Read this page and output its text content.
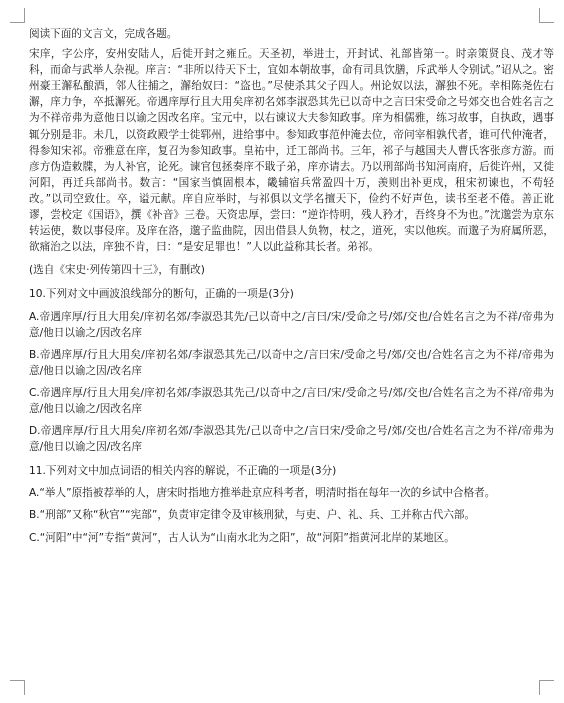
阅读下面的文言文，完成各题。

宋庠，字公序，安州安陆人，后徙开封之雍丘。天圣初，举进士，开封试、礼部皆第一。时亲策贤良、茂才等科，而命与武举人杂视。庠言：“非所以待天下士，宜如本朝故事，命有司具饮膳，斥武举人令别试。”诏从之。密州豪王澥私酿酒，邻人往捕之，澥绐奴曰：“盗也。”尽使杀其父子四人。州论奴以法，澥独不死。幸相陈尧佐右澥，庠力争，卒抵澥死。帝遇庠厚行且大用矣庠初名郊李淑恐其先已以奇中之言曰宋受命之号郊交也合姓名言之为不祥帝弗为意他日以谕之因改名庠。宝元中，以右谏议大夫参知政事。庠为相儒雅，练习故事，自执政，遇事辄分别是非。未几，以资政殿学士徙郓州，进给事中。参知政事范仲淹去位，帝问宰相孰代者，谁可代仲淹者，得参知宋祁。帝雅意在庠，复召为参知政事。皇祐中，迁工部尚书。三年，祁子与越国夫人曹氏客张彦方游。而彦方伪造敕牒，为人补官，论死。谏官包拯奏庠不戢子弟，庠亦请去。乃以刑部尚书知河南府，后徙许州，又徙河阳，再迁兵部尚书。数言：“国家当慎固根本，畿辅宿兵常盈四十万，羡则出补更戍，租宋初谏也，不苟轻改。”以司空致仕。卒，谥元献。庠自应举时，与祁俱以文学名擅天下，俭约不好声色，读书至老不倦。善正讹谬，尝校定《国语》，撰《补音》三卷。天资忠厚，尝曰：“逆诈恃明，残人矜才，吾终身不为也。”沈邈尝为京东转运使，数以事侵庠。及庠在洛，邈子监曲院，因出借县人负物，杖之，道死，实以他疾。而邈子为府属所恶，欲痛治之以法，庠独不肯，曰：“是安足罪也！”人以此益称其长者。弟祁。

(选自《宋史·列传第四十三》，有删改)

10.下列对文中画波浪线部分的断句，正确的一项是(3分)

A.帝遇庠厚/行且大用矣/庠初名郊/李淑恐其先/己以奇中之/言曰/宋/受命之号/郊/交也/合姓名言之为不祥/帝弗为意/他日以谕之/因改名庠

B.帝遇庠厚/行且大用矣/庠初名郊/李淑恐其先己/以奇中之/言曰宋/受命之号/郊/交也/合姓名言之为不祥/帝弗为意/他日以谕之因/改名庠

C.帝遇庠厚/行且大用矣/庠初名郊/李淑恐其先己/以奇中之/言曰/宋/受命之号/郊/交也/合姓名言之为不祥/帝弗为意/他日以谕之/因改名庠

D.帝遇庠厚/行且大用矣/庠初名郊/李淑恐其先/己以奇中之/言曰宋/受命之号/郊/交也/合姓名言之为不祥/帝弗为意/他日以谕之因/改名庠

11.下列对文中加点词语的相关内容的解说，不正确的一项是(3分)

A.“举人”原指被荐举的人，唐宋时指地方推举赴京应科考者，明清时指在每年一次的乡试中合格者。

B.“刑部”又称“秋官”“宪部”，负责审定律令及审核刑狱，与吏、户、礼、兵、工并称古代六部。

C.“河阳”中“河”专指“黄河”，古人认为“山南水北为之阳”，故“河阳”指黄河北岸的某地区。
